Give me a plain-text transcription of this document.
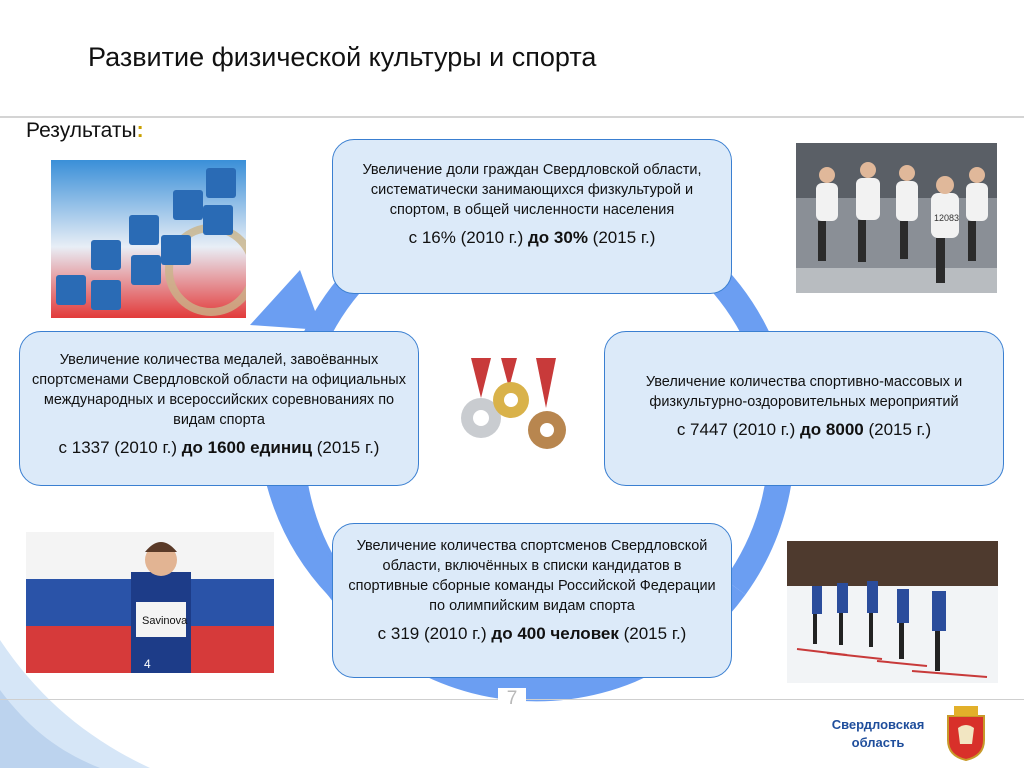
Развитие физической культуры и спорта
Результаты:
Увеличение доли граждан Свердловской области, систематически занимающихся физкультурой и спортом, в общей численности населения
с 16% (2010 г.) до 30% (2015 г.)
Увеличение количества спортивно-массовых и физкультурно-оздоровительных мероприятий
с 7447 (2010 г.) до 8000 (2015 г.)
Увеличение количества медалей, завоёванных спортсменами Свердловской области на официальных международных и всероссийских соревнованиях по видам спорта
с 1337 (2010 г.) до 1600 единиц (2015 г.)
Увеличение количества спортсменов Свердловской области, включённых в списки кандидатов в спортивные сборные команды Российской Федерации по олимпийским видам спорта
с 319 (2010 г.) до 400 человек (2015 г.)
12083
Savinova
4
7
Свердловская
область
